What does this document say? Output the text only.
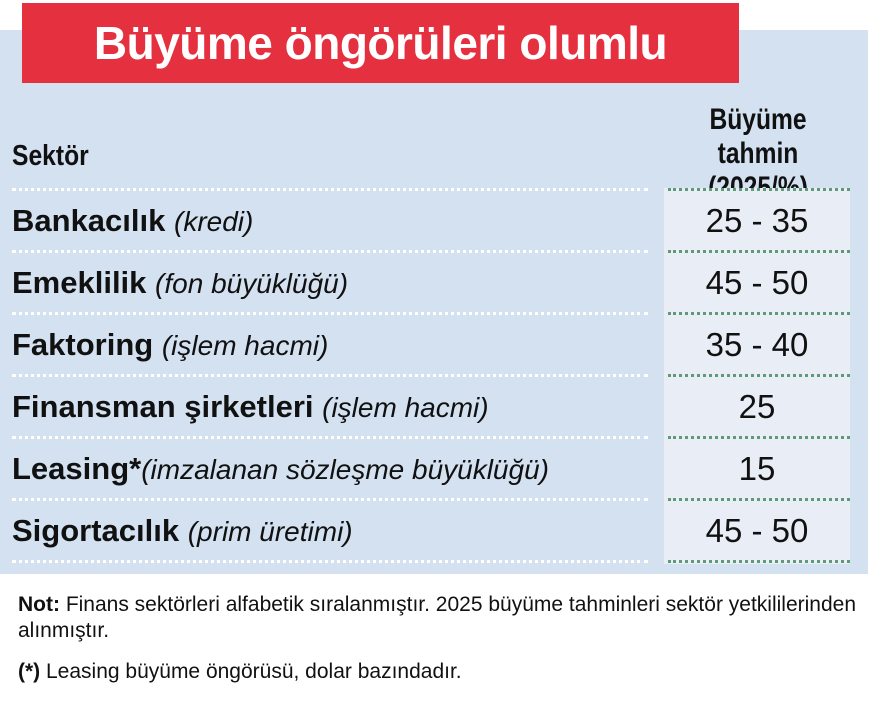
Büyüme öngörüleri olumlu
Sektör
Büyüme tahmin
Bankacılık (kredi)	25 - 35
Emeklilik (fon büyüklüğü)	45 - 50
Faktoring (işlem hacmi)	35 - 40
Finansman şirketleri (işlem hacmi)	25
Leasing*(imzalanan sözleşme büyüklüğü)	15
Sigortacılık (prim üretimi)	45 - 50
Not: Finans sektörleri alfabetik sıralanmıştır. 2025 büyüme tahminleri sektör yetkililerinden alınmıştır.
(*) Leasing büyüme öngörüsü, dolar bazındadır.
